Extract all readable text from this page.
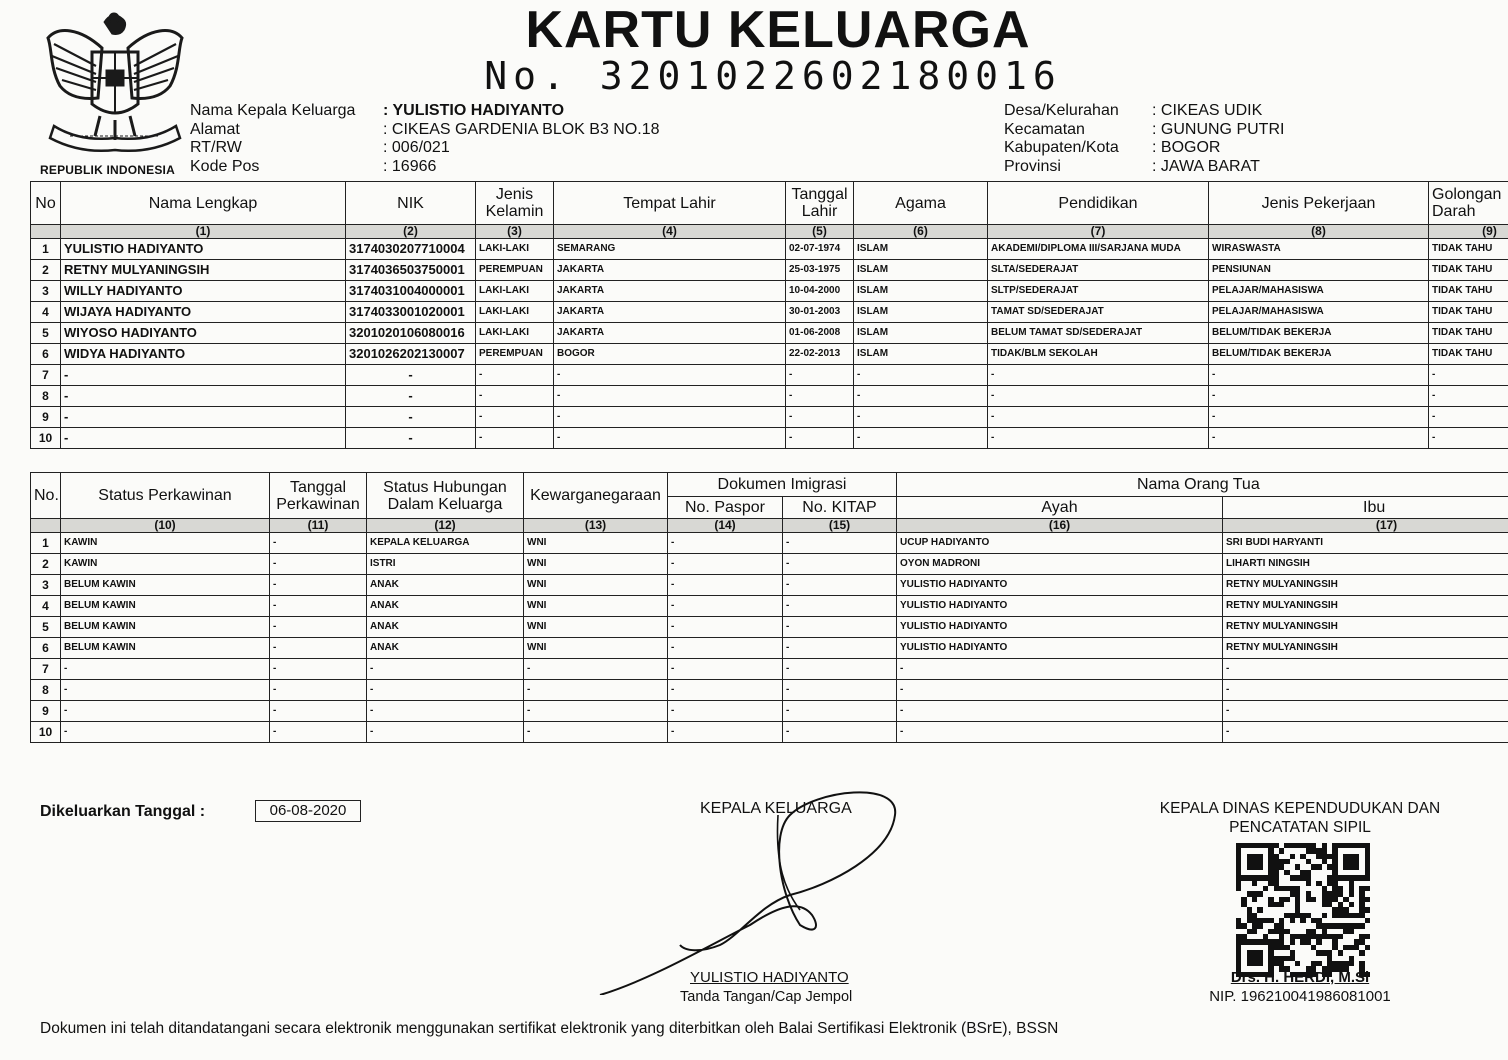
REPUBLIK INDONESIA
KARTU KELUARGA
No. 3201022602180016
Nama Kepala Keluarga : YULISTIO HADIYANTO
Alamat	: CIKEAS GARDENIA BLOK B3 NO.18
RT/RW	: 006/021
Kode Pos	: 16966
Desa/Kelurahan : CIKEAS UDIK
Kecamatan	: GUNUNG PUTRI
Kabupaten/Kota : BOGOR
Provinsi	: JAWA BARAT
No	Nama Lengkap	NIK	Jenis Kelamin	Tempat Lahir	Tanggal Lahir	Agama	Pendidikan	Jenis Pekerjaan	Golongan Darah
	(1)	(2)	(3)	(4)	(5)	(6)	(7)	(8)	(9)
1	YULISTIO HADIYANTO	3174030207710004	LAKI-LAKI	SEMARANG	02-07-1974	ISLAM	AKADEMI/DIPLOMA III/SARJANA MUDA	WIRASWASTA	TIDAK TAHU
2	RETNY MULYANINGSIH	3174036503750001	PEREMPUAN	JAKARTA	25-03-1975	ISLAM	SLTA/SEDERAJAT	PENSIUNAN	TIDAK TAHU
3	WILLY HADIYANTO	3174031004000001	LAKI-LAKI	JAKARTA	10-04-2000	ISLAM	SLTP/SEDERAJAT	PELAJAR/MAHASISWA	TIDAK TAHU
4	WIJAYA HADIYANTO	3174033001020001	LAKI-LAKI	JAKARTA	30-01-2003	ISLAM	TAMAT SD/SEDERAJAT	PELAJAR/MAHASISWA	TIDAK TAHU
5	WIYOSO HADIYANTO	3201020106080016	LAKI-LAKI	JAKARTA	01-06-2008	ISLAM	BELUM TAMAT SD/SEDERAJAT	BELUM/TIDAK BEKERJA	TIDAK TAHU
6	WIDYA HADIYANTO	3201026202130007	PEREMPUAN	BOGOR	22-02-2013	ISLAM	TIDAK/BLM SEKOLAH	BELUM/TIDAK BEKERJA	TIDAK TAHU
7	-	-	-	-	-	-	-	-	-
8	-	-	-	-	-	-	-	-	-
9	-	-	-	-	-	-	-	-	-
10	-	-	-	-	-	-	-	-	-
No.	Status Perkawinan	Tanggal Perkawinan	Status Hubungan Dalam Keluarga	Kewarganegaraan	Dokumen Imigrasi		Nama Orang Tua	
					No. Paspor	No. KITAP	Ayah	Ibu
	(10)	(11)	(12)	(13)	(14)	(15)	(16)	(17)
1	KAWIN	-	KEPALA KELUARGA	WNI	-	-	UCUP HADIYANTO	SRI BUDI HARYANTI
2	KAWIN	-	ISTRI	WNI	-	-	OYON MADRONI	LIHARTI NINGSIH
3	BELUM KAWIN	-	ANAK	WNI	-	-	YULISTIO HADIYANTO	RETNY MULYANINGSIH
4	BELUM KAWIN	-	ANAK	WNI	-	-	YULISTIO HADIYANTO	RETNY MULYANINGSIH
5	BELUM KAWIN	-	ANAK	WNI	-	-	YULISTIO HADIYANTO	RETNY MULYANINGSIH
6	BELUM KAWIN	-	ANAK	WNI	-	-	YULISTIO HADIYANTO	RETNY MULYANINGSIH
7	-	-	-	-	-	-	-	-
8	-	-	-	-	-	-	-	-
9	-	-	-	-	-	-	-	-
10	-	-	-	-	-	-	-	-
Dikeluarkan Tanggal :	06-08-2020	KEPALA KELUARGA
YULISTIO HADIYANTO
Tanda Tangan/Cap Jempol
KEPALA DINAS KEPENDUDUKAN DAN
PENCATATAN SIPIL
Drs. H. HERDI, M.Si
NIP. 196210041986081001
Dokumen ini telah ditandatangani secara elektronik menggunakan sertifikat elektronik yang diterbitkan oleh Balai Sertifikasi Elektronik (BSrE), BSSN
